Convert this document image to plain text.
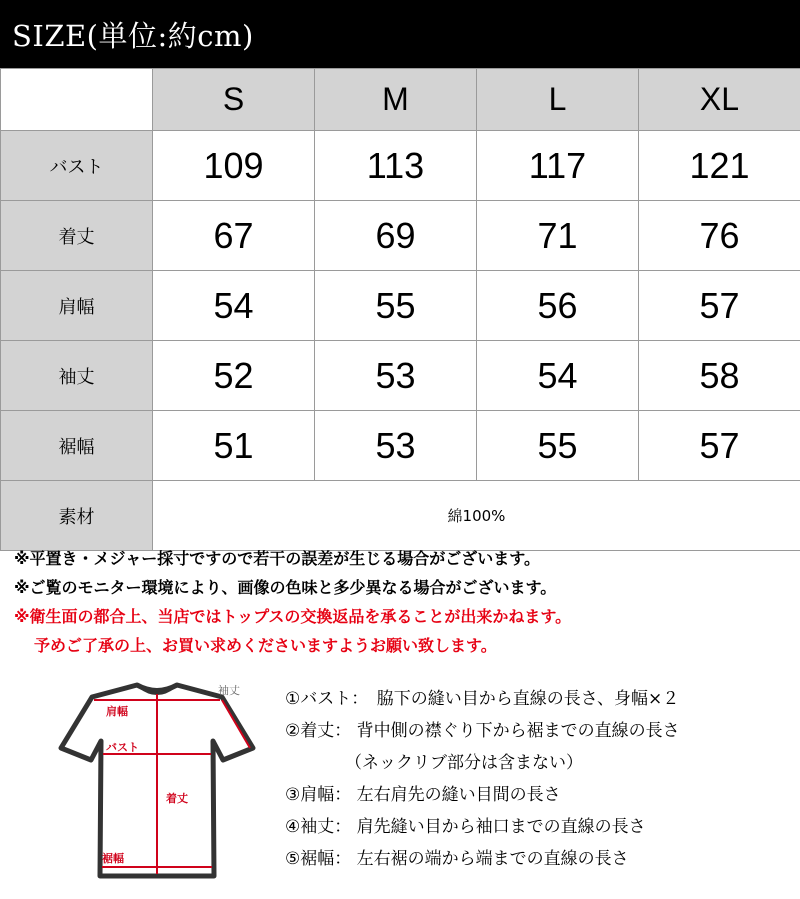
SIZE(単位:約cm)
	S	M	L	XL
バスト	109	113	117	121
着丈	67	69	71	76
肩幅	54	55	56	57
袖丈	52	53	54	58
裾幅	51	53	55	57
素材	綿100%			
※平置き・メジャー採寸ですので若干の誤差が生じる場合がございます。
※ご覧のモニター環境により、画像の色味と多少異なる場合がございます。
※衛生面の都合上、当店ではトップスの交換返品を承ることが出来かねます。
予めご了承の上、お買い求めくださいますようお願い致します。
袖丈
肩幅
バスト
着丈
裾幅
①バスト：　脇下の縫い目から直線の長さ、身幅×２
②着丈： 背中側の襟ぐり下から裾までの直線の長さ
（ネックリブ部分は含まない）
③肩幅： 左右肩先の縫い目間の長さ
④袖丈： 肩先縫い目から袖口までの直線の長さ
⑤裾幅： 左右裾の端から端までの直線の長さ
